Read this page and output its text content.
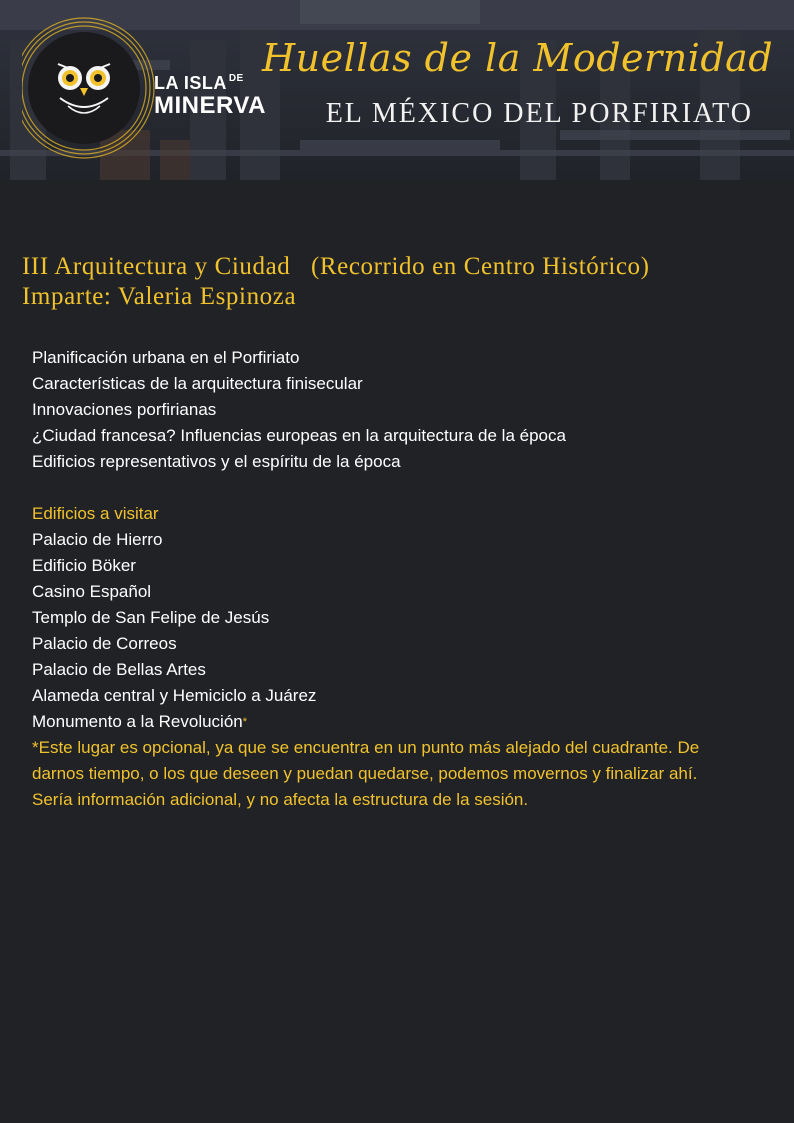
LA ISLA $^{DE}$
MINERVA
Huellas de la Modernidad
EL MÉXICO DEL PORFIRIATO
III Arquitectura y Ciudad   (Recorrido en Centro Histórico)
Imparte: Valeria Espinoza
Planificación urbana en el Porfiriato
Características de la arquitectura finisecular
Innovaciones porfirianas
¿Ciudad francesa? Influencias europeas en la arquitectura de la época
Edificios representativos y el espíritu de la época
Edificios a visitar
Palacio de Hierro
Edificio Böker
Casino Español
Templo de San Felipe de Jesús
Palacio de Correos
Palacio de Bellas Artes
Alameda central y Hemiciclo a Juárez
Monumento a la Revolución*
*Este lugar es opcional, ya que se encuentra en un punto más alejado del cuadrante. De darnos tiempo, o los que deseen y puedan quedarse, podemos movernos y finalizar ahí. Sería información adicional, y no afecta la estructura de la sesión.
